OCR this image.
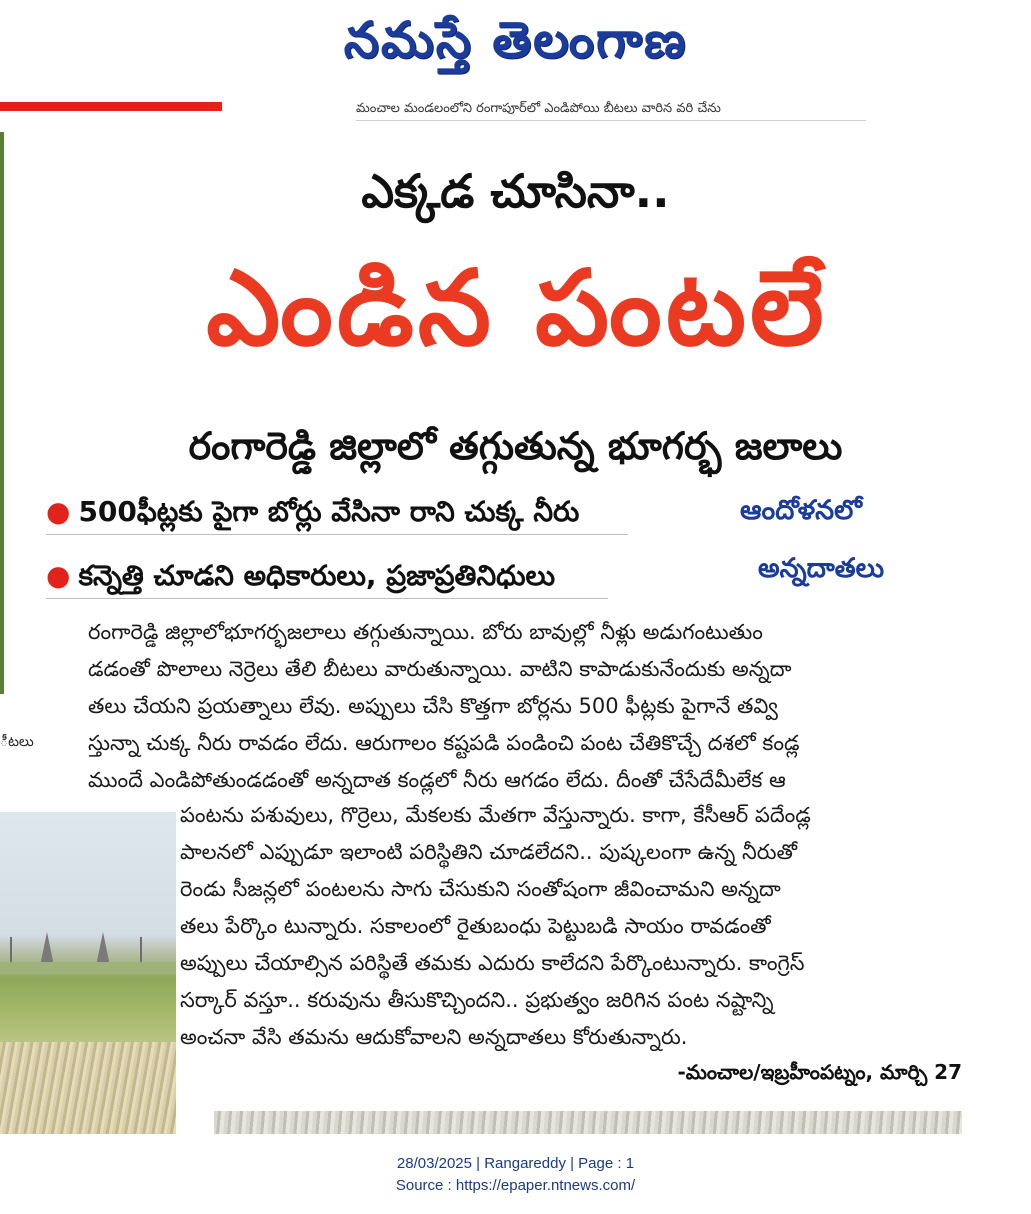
నమస్తే తెలంగాణ
మంచాల మండలంలోని రంగాపూర్‌లో ఎండిపోయి బీటలు వారిన వరి చేను
ీటలు
ఎక్కడ చూసినా..
ఎండిన పంటలే
రంగారెడ్డి జిల్లాలో తగ్గుతున్న భూగర్భ జలాలు
● 500ఫీట్లకు పైగా బోర్లు వేసినా రాని చుక్క నీరు
● కన్నెత్తి చూడని అధికారులు, ప్రజాప్రతినిధులు
ఆందోళనలో
అన్నదాతలు

రంగారెడ్డి జిల్లాలోభూగర్భజలాలు తగ్గుతున్నాయి. బోరు బావుల్లో నీళ్లు అడుగంటుతుం

డడంతో పొలాలు నెర్రెలు తేలి బీటలు వారుతున్నాయి. వాటిని కాపాడుకునేందుకు అన్నదా

తలు చేయని ప్రయత్నాలు లేవు. అప్పులు చేసి కొత్తగా బోర్లను 500 ఫీట్లకు పైగానే తవ్వి

స్తున్నా చుక్క నీరు రావడం లేదు. ఆరుగాలం కష్టపడి పండించి పంట చేతికొచ్చే దశలో కండ్ల

ముందే ఎండిపోతుండడంతో అన్నదాత కండ్లలో నీరు ఆగడం లేదు. దీంతో చేసేదేమీలేక ఆ

పంటను పశువులు, గొర్రెలు, మేకలకు మేతగా వేస్తున్నారు. కాగా, కేసీఆర్ పదేండ్ల

పాలనలో ఎప్పుడూ ఇలాంటి పరిస్థితిని చూడలేదని.. పుష్కలంగా ఉన్న నీరుతో

రెండు సీజన్లలో పంటలను సాగు చేసుకుని సంతోషంగా జీవించామని అన్నదా

తలు పేర్కొం టున్నారు. సకాలంలో రైతుబంధు పెట్టుబడి సాయం రావడంతో

అప్పులు చేయాల్సిన పరిస్థితే తమకు ఎదురు కాలేదని పేర్కొంటున్నారు. కాంగ్రెస్

సర్కార్ వస్తూ.. కరువును తీసుకొచ్చిందని.. ప్రభుత్వం జరిగిన పంట నష్టాన్ని

అంచనా వేసి తమను ఆదుకోవాలని అన్నదాతలు కోరుతున్నారు.

-మంచాల/ఇబ్రహీంపట్నం, మార్చి 27
28/03/2025 | Rangareddy | Page : 1
Source : https://epaper.ntnews.com/
